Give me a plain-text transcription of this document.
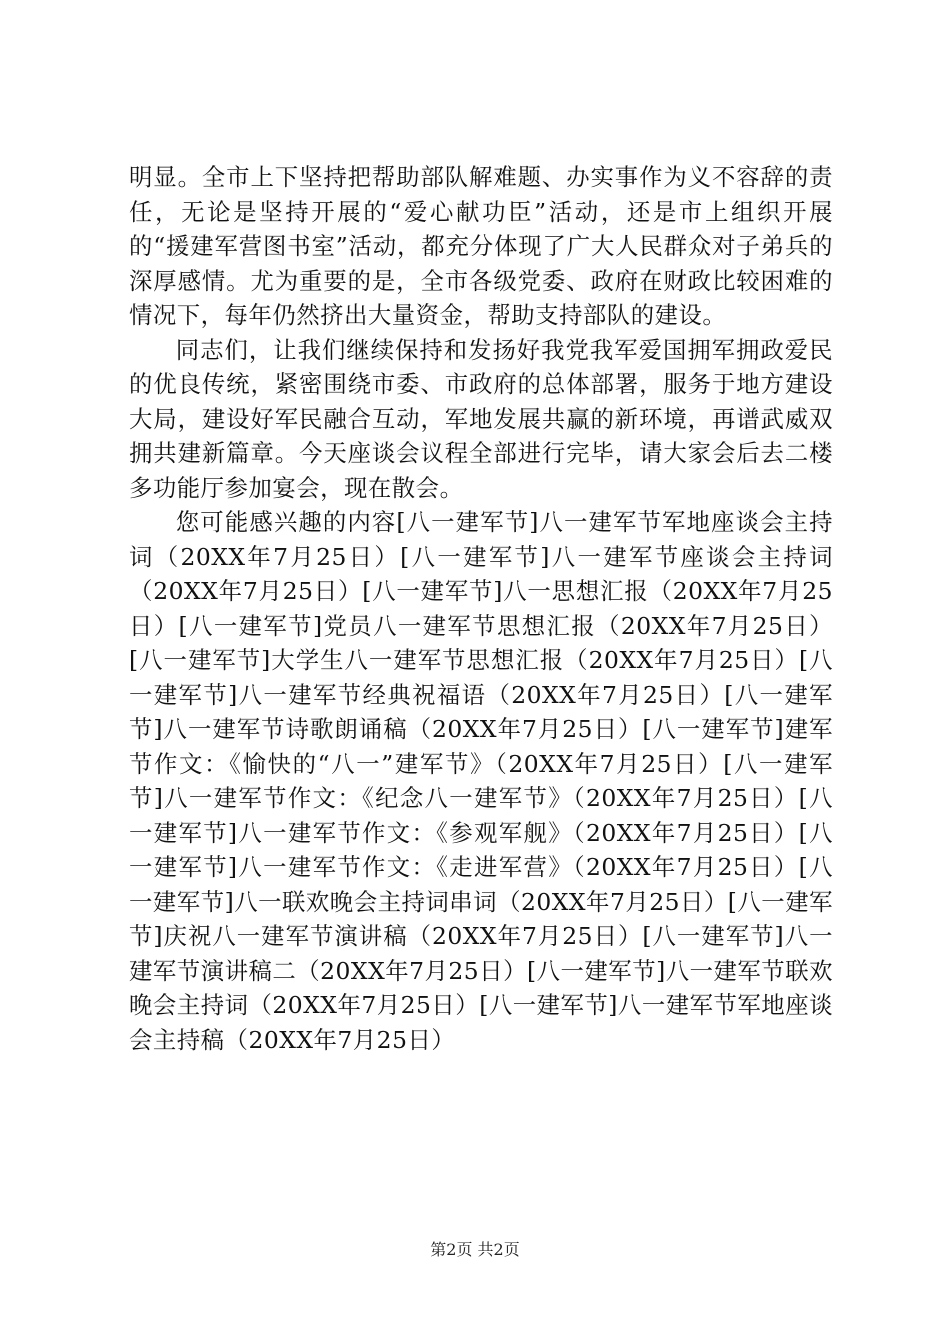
明显。全市上下坚持把帮助部队解难题、办实事作为义不容辞的责任，无论是坚持开展的“爱心献功臣”活动，还是市上组织开展的“援建军营图书室”活动，都充分体现了广大人民群众对子弟兵的深厚感情。尤为重要的是，全市各级党委、政府在财政比较困难的情况下，每年仍然挤出大量资金，帮助支持部队的建设。

同志们，让我们继续保持和发扬好我党我军爱国拥军拥政爱民的优良传统，紧密围绕市委、市政府的总体部署，服务于地方建设大局，建设好军民融合互动，军地发展共赢的新环境，再谱武威双拥共建新篇章。今天座谈会议程全部进行完毕，请大家会后去二楼多功能厅参加宴会，现在散会。

您可能感兴趣的内容[八一建军节]八一建军节军地座谈会主持词（20XX年7月25日）[八一建军节]八一建军节座谈会主持词（20XX年7月25日）[八一建军节]八一思想汇报（20XX年7月25日）[八一建军节]党员八一建军节思想汇报（20XX年7月25日）[八一建军节]大学生八一建军节思想汇报（20XX年7月25日）[八一建军节]八一建军节经典祝福语（20XX年7月25日）[八一建军节]八一建军节诗歌朗诵稿（20XX年7月25日）[八一建军节]建军节作文：《愉快的“八一”建军节》（20XX年7月25日）[八一建军节]八一建军节作文：《纪念八一建军节》（20XX年7月25日）[八一建军节]八一建军节作文：《参观军舰》（20XX年7月25日）[八一建军节]八一建军节作文：《走进军营》（20XX年7月25日）[八一建军节]八一联欢晚会主持词串词（20XX年7月25日）[八一建军节]庆祝八一建军节演讲稿（20XX年7月25日）[八一建军节]八一建军节演讲稿二（20XX年7月25日）[八一建军节]八一建军节联欢晚会主持词（20XX年7月25日）[八一建军节]八一建军节军地座谈会主持稿（20XX年7月25日）

第2页 共2页
